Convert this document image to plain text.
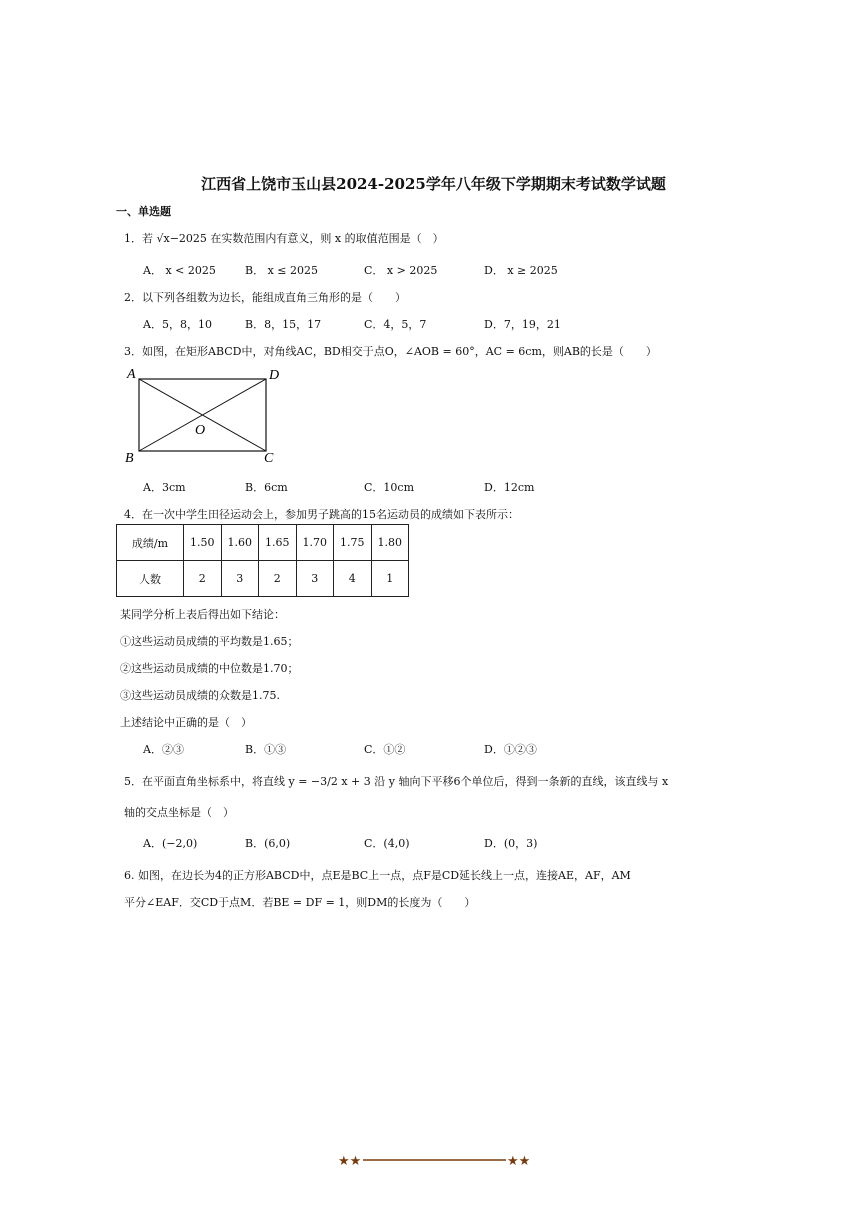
江西省上饶市玉山县2024-2025学年八年级下学期期末考试数学试题
一、单选题
1．若 √x−2025 在实数范围内有意义，则 x 的取值范围是（　）
A． x < 2025	B． x ≤ 2025	C． x > 2025	D． x ≥ 2025
2．以下列各组数为边长，能组成直角三角形的是（　　）
A．5，8，10	B．8，15，17	C．4，5，7	D．7，19，21
3．如图，在矩形ABCD中，对角线AC，BD相交于点O，∠AOB = 60°，AC = 6cm，则AB的长是（　　）
A	D
O
B	C
A．3cm	B．6cm	C．10cm	D．12cm
4．在一次中学生田径运动会上，参加男子跳高的15名运动员的成绩如下表所示：
成绩/m	1.50	1.60	1.65	1.70	1.75	1.80
人数	2	3	2	3	4	1
某同学分析上表后得出如下结论：
①这些运动员成绩的平均数是1.65；
②这些运动员成绩的中位数是1.70；
③这些运动员成绩的众数是1.75.
上述结论中正确的是（　）
A．②③	B．①③	C．①②	D．①②③
5．在平面直角坐标系中，将直线 y = −3/2 x + 3 沿 y 轴向下平移6个单位后，得到一条新的直线，该直线与 x
轴的交点坐标是（　）
A．(−2,0)	B．(6,0)	C．(4,0)	D．(0，3)
6. 如图，在边长为4的正方形ABCD中，点E是BC上一点，点F是CD延长线上一点，连接AE，AF，AM
平分∠EAF．交CD于点M．若BE = DF = 1，则DM的长度为（　　）
★★	★★
